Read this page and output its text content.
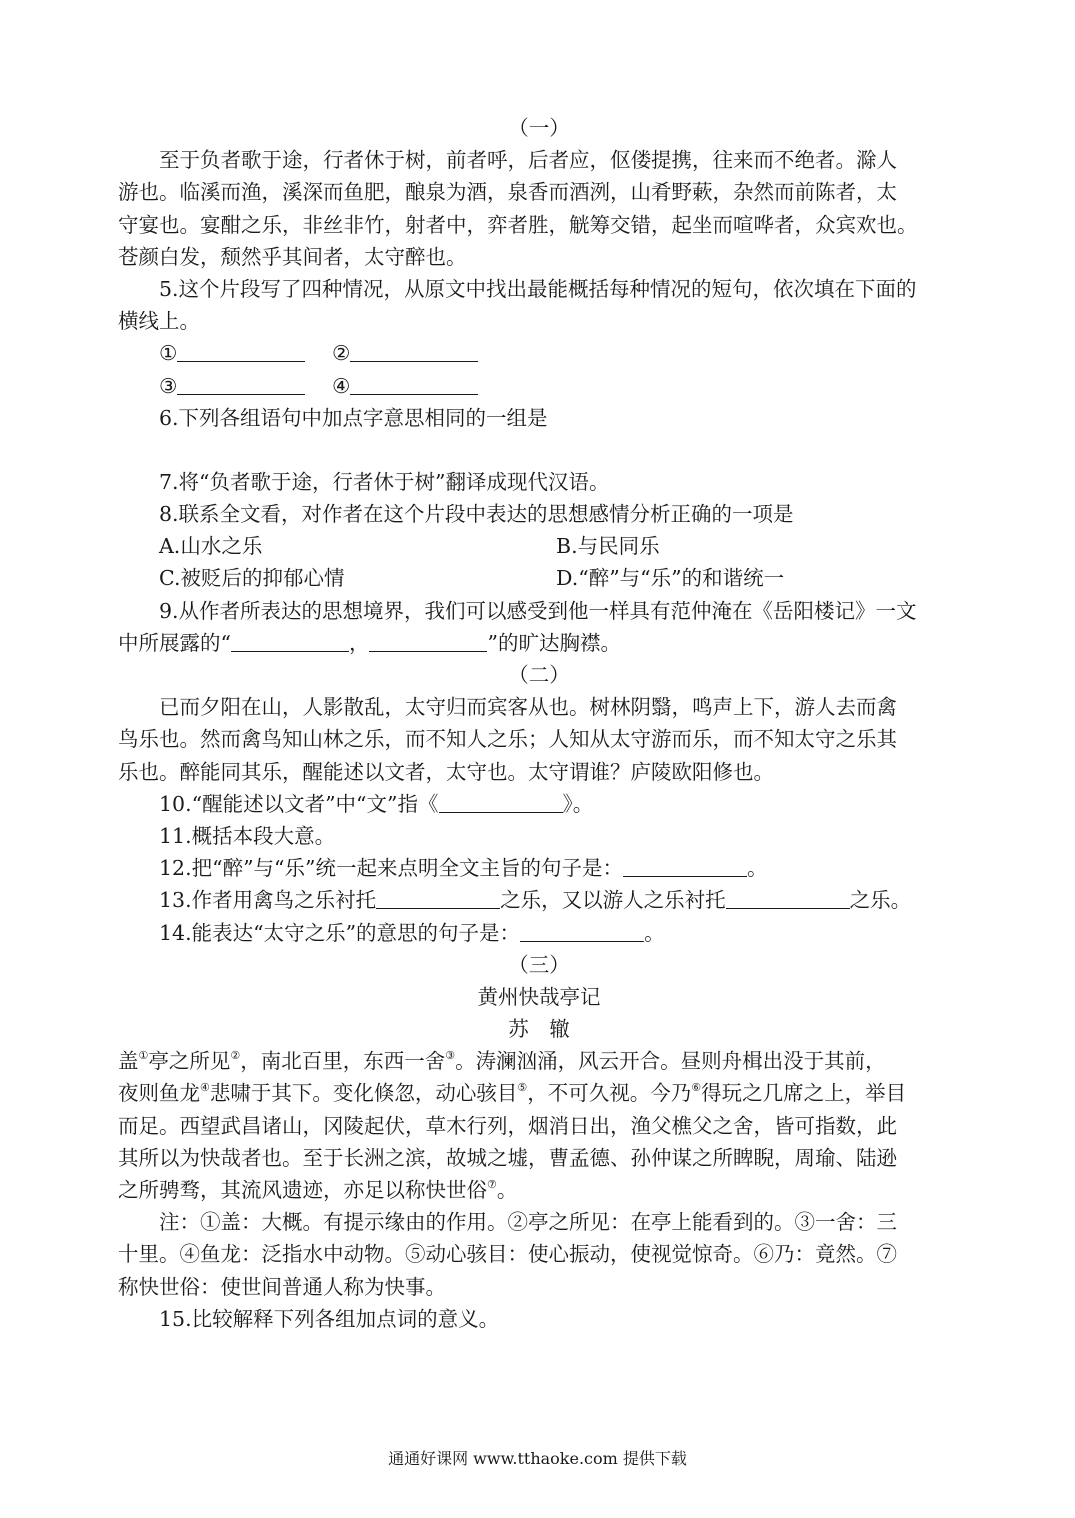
（一）
至于负者歌于途，行者休于树，前者呼，后者应，伛偻提携，往来而不绝者。滁人
游也。临溪而渔，溪深而鱼肥，酿泉为酒，泉香而酒洌，山肴野蔌，杂然而前陈者，太
守宴也。宴酣之乐，非丝非竹，射者中，弈者胜，觥筹交错，起坐而喧哗者，众宾欢也。
苍颜白发，颓然乎其间者，太守醉也。
5.这个片段写了四种情况，从原文中找出最能概括每种情况的短句，依次填在下面的
横线上。
①	②
③	④
6.下列各组语句中加点字意思相同的一组是
7.将“负者歌于途，行者休于树”翻译成现代汉语。
8.联系全文看，对作者在这个片段中表达的思想感情分析正确的一项是
A.山水之乐	B.与民同乐
C.被贬后的抑郁心情	D.“醉”与“乐”的和谐统一
9.从作者所表达的思想境界，我们可以感受到他一样具有范仲淹在《岳阳楼记》一文
中所展露的“	，	”的旷达胸襟。
（二）
已而夕阳在山，人影散乱，太守归而宾客从也。树林阴翳，鸣声上下，游人去而禽
鸟乐也。然而禽鸟知山林之乐，而不知人之乐；人知从太守游而乐，而不知太守之乐其
乐也。醉能同其乐，醒能述以文者，太守也。太守谓谁？庐陵欧阳修也。
10.“醒能述以文者”中“文”指《	》。
11.概括本段大意。
12.把“醉”与“乐”统一起来点明全文主旨的句子是：	。
13.作者用禽鸟之乐衬托	之乐，又以游人之乐衬托	之乐。
14.能表达“太守之乐”的意思的句子是：	。
（三）
黄州快哉亭记
苏　辙
盖①亭之所见②，南北百里，东西一舍③。涛澜汹涌，风云开合。昼则舟楫出没于其前，
夜则鱼龙④悲啸于其下。变化倏忽，动心骇目⑤，不可久视。今乃⑥得玩之几席之上，举目
而足。西望武昌诸山，冈陵起伏，草木行列，烟消日出，渔父樵父之舍，皆可指数，此
其所以为快哉者也。至于长洲之滨，故城之墟，曹孟德、孙仲谋之所睥睨，周瑜、陆逊
之所骋骛，其流风遗迹，亦足以称快世俗⑦。
注：①盖：大概。有提示缘由的作用。②亭之所见：在亭上能看到的。③一舍：三
十里。④鱼龙：泛指水中动物。⑤动心骇目：使心振动，使视觉惊奇。⑥乃：竟然。⑦
称快世俗：使世间普通人称为快事。
15.比较解释下列各组加点词的意义。
通通好课网 www.tthaoke.com 提供下载
